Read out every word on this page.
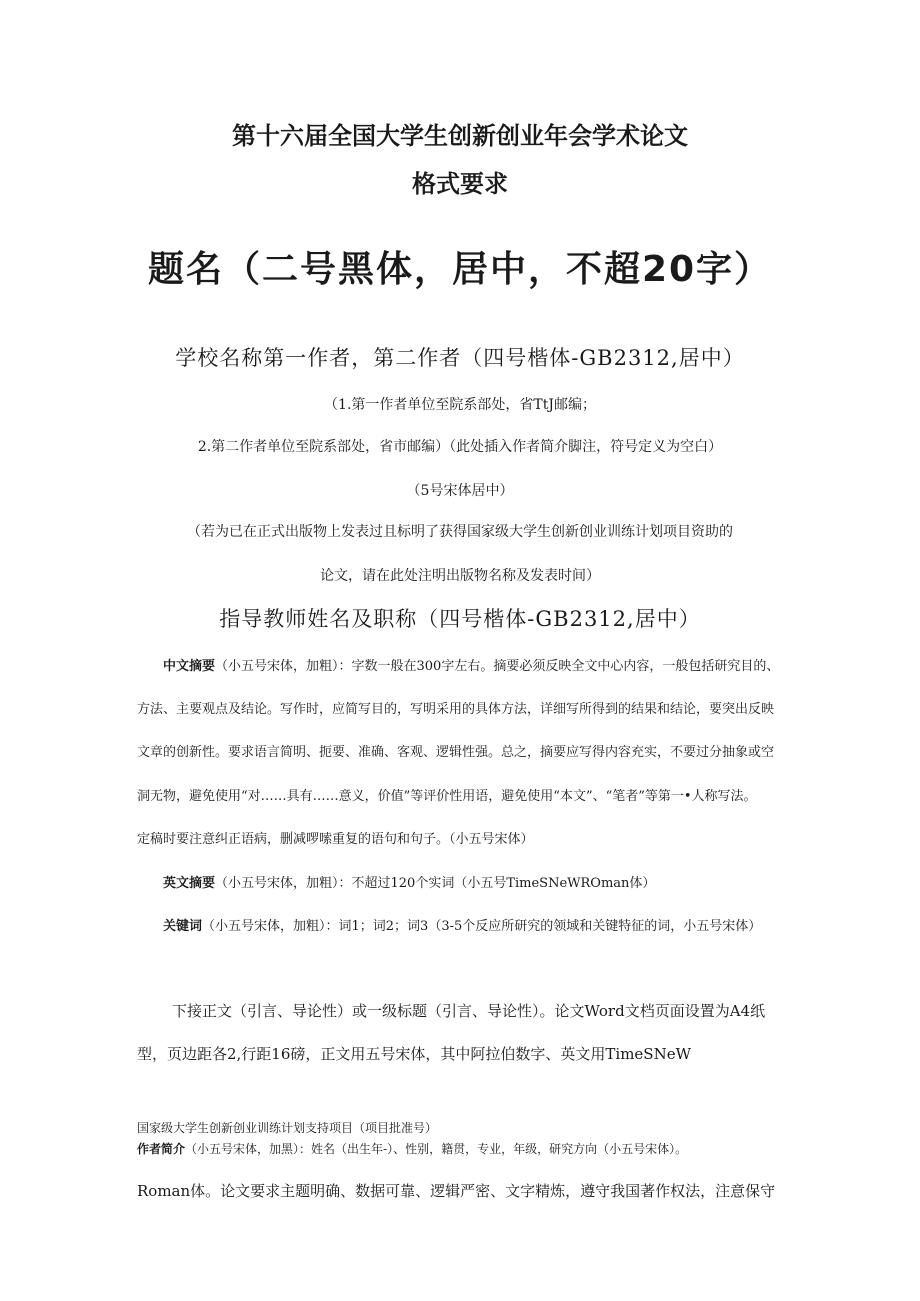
第十六届全国大学生创新创业年会学术论文
格式要求
题名（二号黑体，居中，不超20字）
学校名称第一作者，第二作者（四号楷体-GB2312,居中）
（1.第一作者单位至院系部处，省TtJ邮编；
2.第二作者单位至院系部处，省市邮编）（此处插入作者简介脚注，符号定义为空白）
（5号宋体居中）
（若为已在正式出版物上发表过且标明了获得国家级大学生创新创业训练计划项目资助的
论文，请在此处注明出版物名称及发表时间）
指导教师姓名及职称（四号楷体-GB2312,居中）
中文摘要（小五号宋体，加粗）：字数一般在300字左右。摘要必须反映全文中心内容，一般包括研究目的、
方法、主要观点及结论。写作时，应简写目的，写明采用的具体方法，详细写所得到的结果和结论，要突出反映
文章的创新性。要求语言简明、扼要、准确、客观、逻辑性强。总之，摘要应写得内容充实，不要过分抽象或空
洞无物，避免使用“对……具有……意义，价值”等评价性用语，避免使用“本文”、“笔者”等第一•人称写法。
定稿时要注意纠正语病，删减啰嗦重复的语句和句子。（小五号宋体）
英文摘要（小五号宋体，加粗）：不超过120个实词（小五号TimeSNeWROman体）
关键词（小五号宋体，加粗）：词1；词2；词3（3-5个反应所研究的领域和关键特征的词，小五号宋体）
下接正文（引言、导论性）或一级标题（引言、导论性）。论文Word文档页面设置为A4纸
型，页边距各2,行距16磅，正文用五号宋体，其中阿拉伯数字、英文用TimeSNeW
国家级大学生创新创业训练计划支持项目（项目批准号）
作者简介（小五号宋体，加黑）：姓名（出生年-）、性别，籍贯，专业，年级，研究方向（小五号宋体）。
Roman体。论文要求主题明确、数据可靠、逻辑严密、文字精炼，遵守我国著作权法，注意保守
